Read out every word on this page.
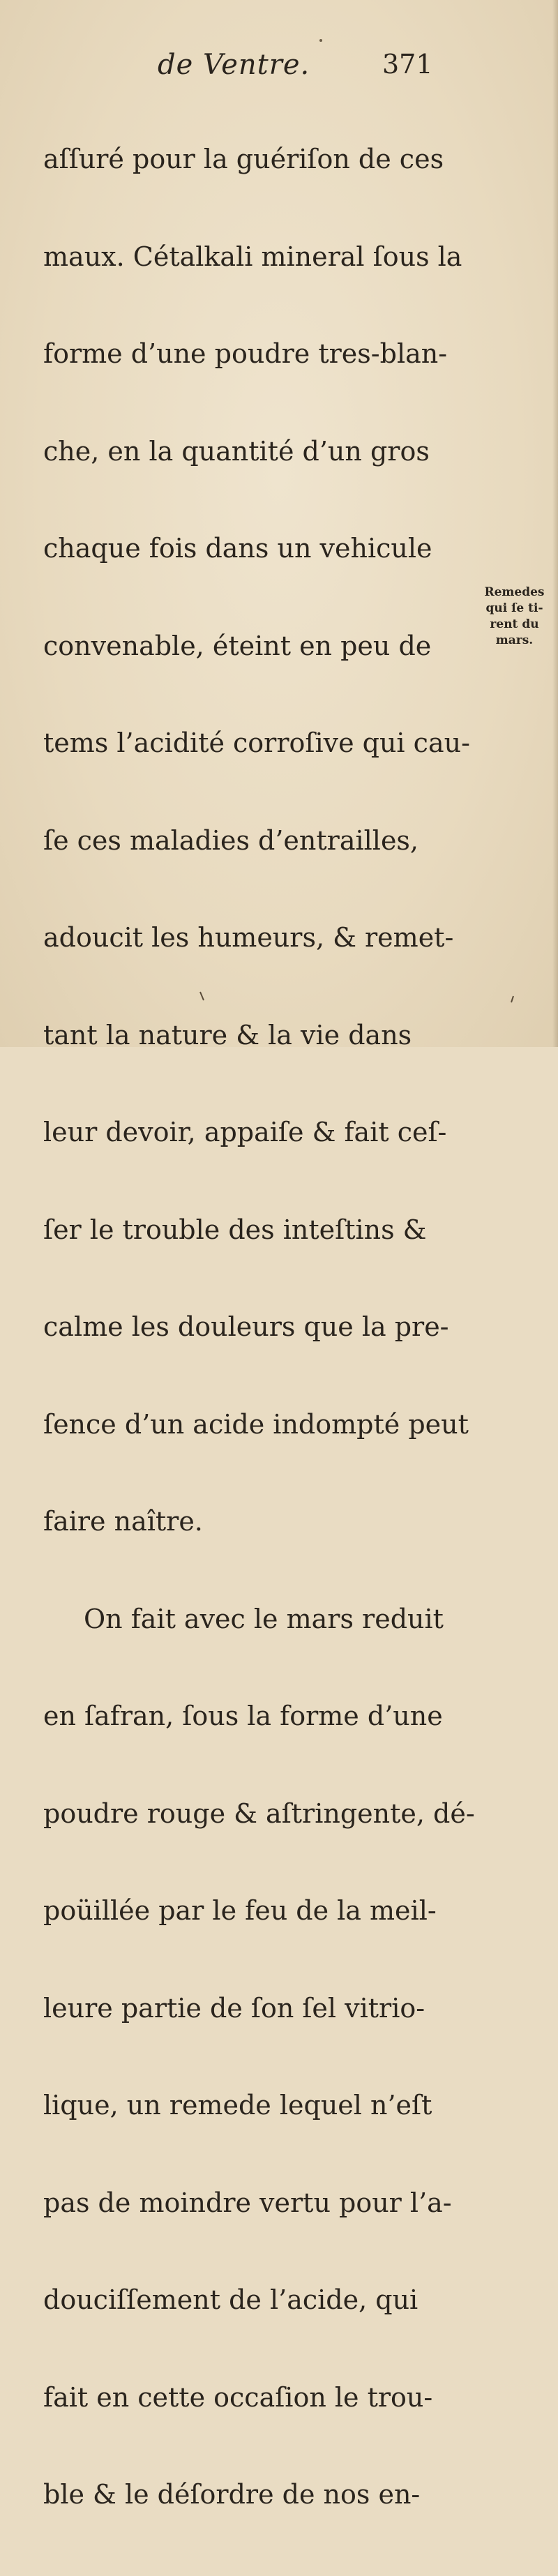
de Ventre.	371

aſſuré pour la guériſon de ces

maux. Cétalkali mineral ſous la

forme d’une poudre tres-blan-

che, en la quantité d’un gros

chaque fois dans un vehicule

convenable, éteint en peu de

tems l’acidité corroſive qui cau-

ſe ces maladies d’entrailles,

adoucit les humeurs, & remet-

tant la nature & la vie dans

leur devoir, appaiſe & fait ceſ-

ſer le trouble des inteſtins &

calme les douleurs que la pre-

ſence d’un acide indompté peut

faire naître.

On fait avec le mars reduit

en ſafran, ſous la forme d’une

poudre rouge & aſtringente, dé-

poüillée par le feu de la meil-

leure partie de ſon ſel vitrio-

lique, un remede lequel n’eſt

pas de moindre vertu pour l’a-

douciſſement de l’acide, qui

fait en cette occaſion le trou-

ble & le déſordre de nos en-

Remedes
qui ſe ti-
rent du
mars.
